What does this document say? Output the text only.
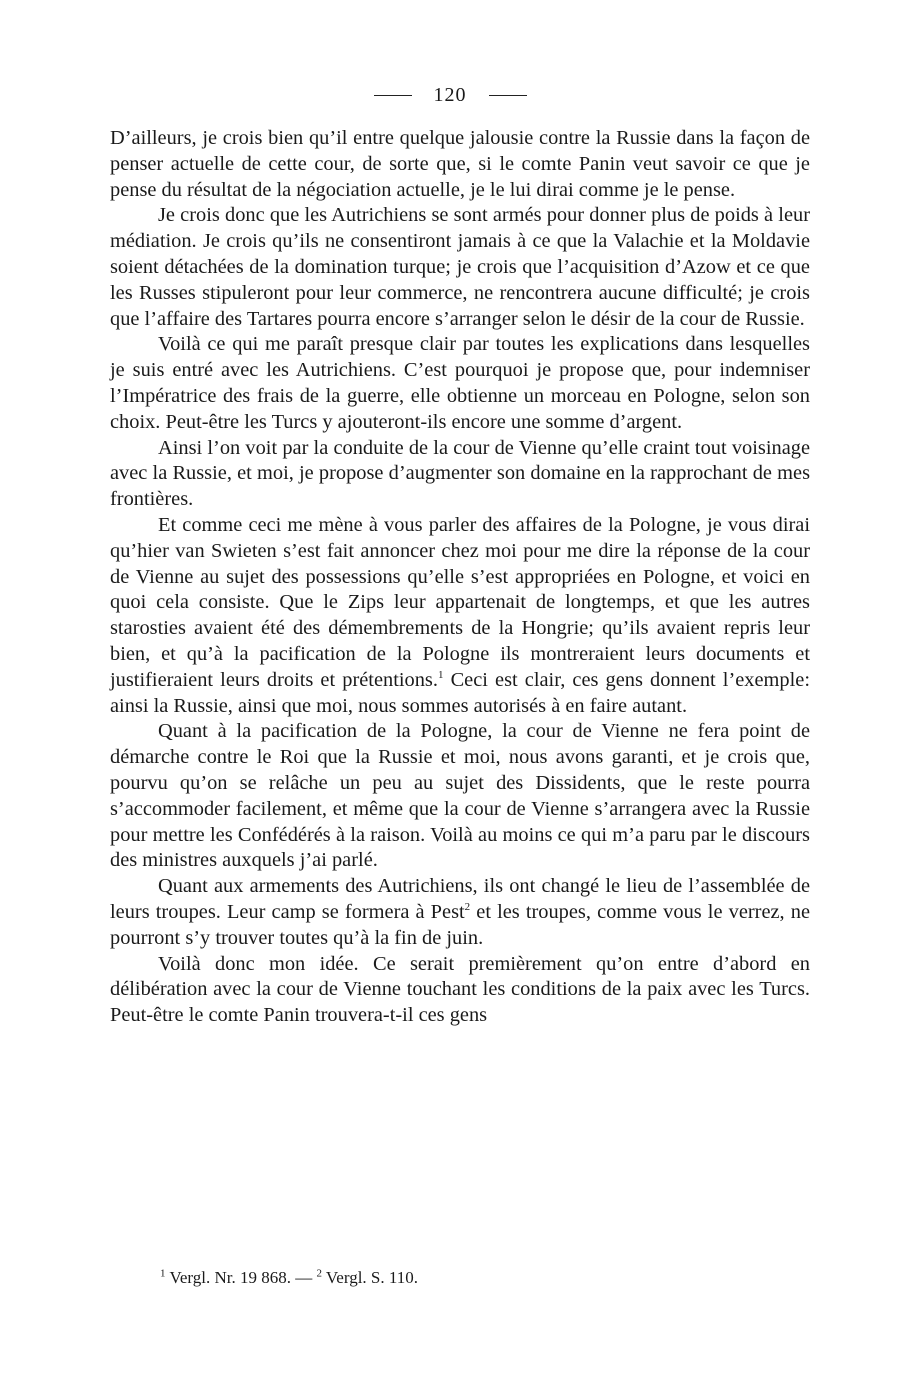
120

D’ailleurs, je crois bien qu’il entre quelque jalousie contre la Russie dans la façon de penser actuelle de cette cour, de sorte que, si le comte Panin veut savoir ce que je pense du résultat de la négociation actuelle, je le lui dirai comme je le pense.

Je crois donc que les Autrichiens se sont armés pour donner plus de poids à leur médiation. Je crois qu’ils ne consentiront jamais à ce que la Valachie et la Moldavie soient détachées de la domination turque; je crois que l’acquisition d’Azow et ce que les Russes stipuleront pour leur commerce, ne rencontrera aucune difficulté; je crois que l’affaire des Tartares pourra encore s’arranger selon le désir de la cour de Russie.

Voilà ce qui me paraît presque clair par toutes les explications dans lesquelles je suis entré avec les Autrichiens. C’est pourquoi je propose que, pour indemniser l’Impératrice des frais de la guerre, elle obtienne un morceau en Pologne, selon son choix. Peut-être les Turcs y ajouteront-ils encore une somme d’argent.

Ainsi l’on voit par la conduite de la cour de Vienne qu’elle craint tout voisinage avec la Russie, et moi, je propose d’augmenter son domaine en la rapprochant de mes frontières.

Et comme ceci me mène à vous parler des affaires de la Pologne, je vous dirai qu’hier van Swieten s’est fait annoncer chez moi pour me dire la réponse de la cour de Vienne au sujet des possessions qu’elle s’est appropriées en Pologne, et voici en quoi cela consiste. Que le Zips leur appartenait de longtemps, et que les autres starosties avaient été des démembrements de la Hongrie; qu’ils avaient repris leur bien, et qu’à la pacification de la Pologne ils montreraient leurs documents et justifieraient leurs droits et prétentions.$^1$ Ceci est clair, ces gens donnent l’exemple: ainsi la Russie, ainsi que moi, nous sommes autorisés à en faire autant.

Quant à la pacification de la Pologne, la cour de Vienne ne fera point de démarche contre le Roi que la Russie et moi, nous avons garanti, et je crois que, pourvu qu’on se relâche un peu au sujet des Dissidents, que le reste pourra s’accommoder facilement, et même que la cour de Vienne s’arrangera avec la Russie pour mettre les Confédérés à la raison. Voilà au moins ce qui m’a paru par le discours des ministres auxquels j’ai parlé.

Quant aux armements des Autrichiens, ils ont changé le lieu de l’assemblée de leurs troupes. Leur camp se formera à Pest$^2$ et les troupes, comme vous le verrez, ne pourront s’y trouver toutes qu’à la fin de juin.

Voilà donc mon idée. Ce serait premièrement qu’on entre d’abord en délibération avec la cour de Vienne touchant les conditions de la paix avec les Turcs. Peut-être le comte Panin trouvera-t-il ces gens

$^1$ Vergl. Nr. 19 868. — $^2$ Vergl. S. 110.
